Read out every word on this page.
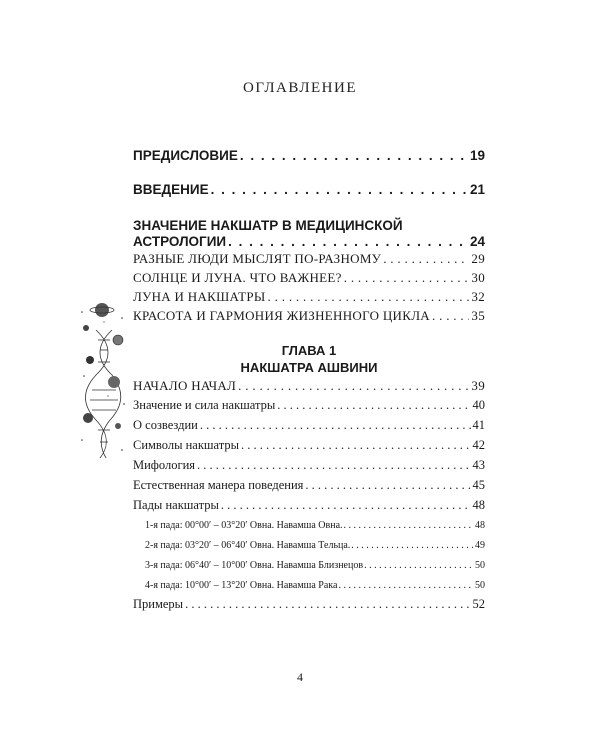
ОГЛАВЛЕНИЕ
ПРЕДИСЛОВИЕ . . .	19
ВВЕДЕНИЕ . . .	21
ЗНАЧЕНИЕ НАКШАТР В МЕДИЦИНСКОЙ
АСТРОЛОГИИ . . .	24
РАЗНЫЕ ЛЮДИ МЫСЛЯТ ПО-РАЗНОМУ . . .	29
СОЛНЦЕ И ЛУНА. ЧТО ВАЖНЕЕ? . . .	30
ЛУНА И НАКШАТРЫ . . .	32
КРАСОТА И ГАРМОНИЯ ЖИЗНЕННОГО ЦИКЛА . . .	35
ГЛАВА 1
НАКШАТРА АШВИНИ
НАЧАЛО НАЧАЛ . . .	39
Значение и сила накшатры . . .	40
О созвездии . . .	41
Символы накшатры . . .	42
Мифология . . .	43
Естественная манера поведения . . .	45
Пады накшатры . . .	48
1-я пада: 00°00′ – 03°20′ Овна. Навамша Овна. . . .	48
2-я пада: 03°20′ – 06°40′ Овна. Навамша Тельца. . . .	49
3-я пада: 06°40′ – 10°00′ Овна. Навамша Близнецов . . .	50
4-я пада: 10°00′ – 13°20′ Овна. Навамша Рака . . .	50
Примеры . . .	52
4
